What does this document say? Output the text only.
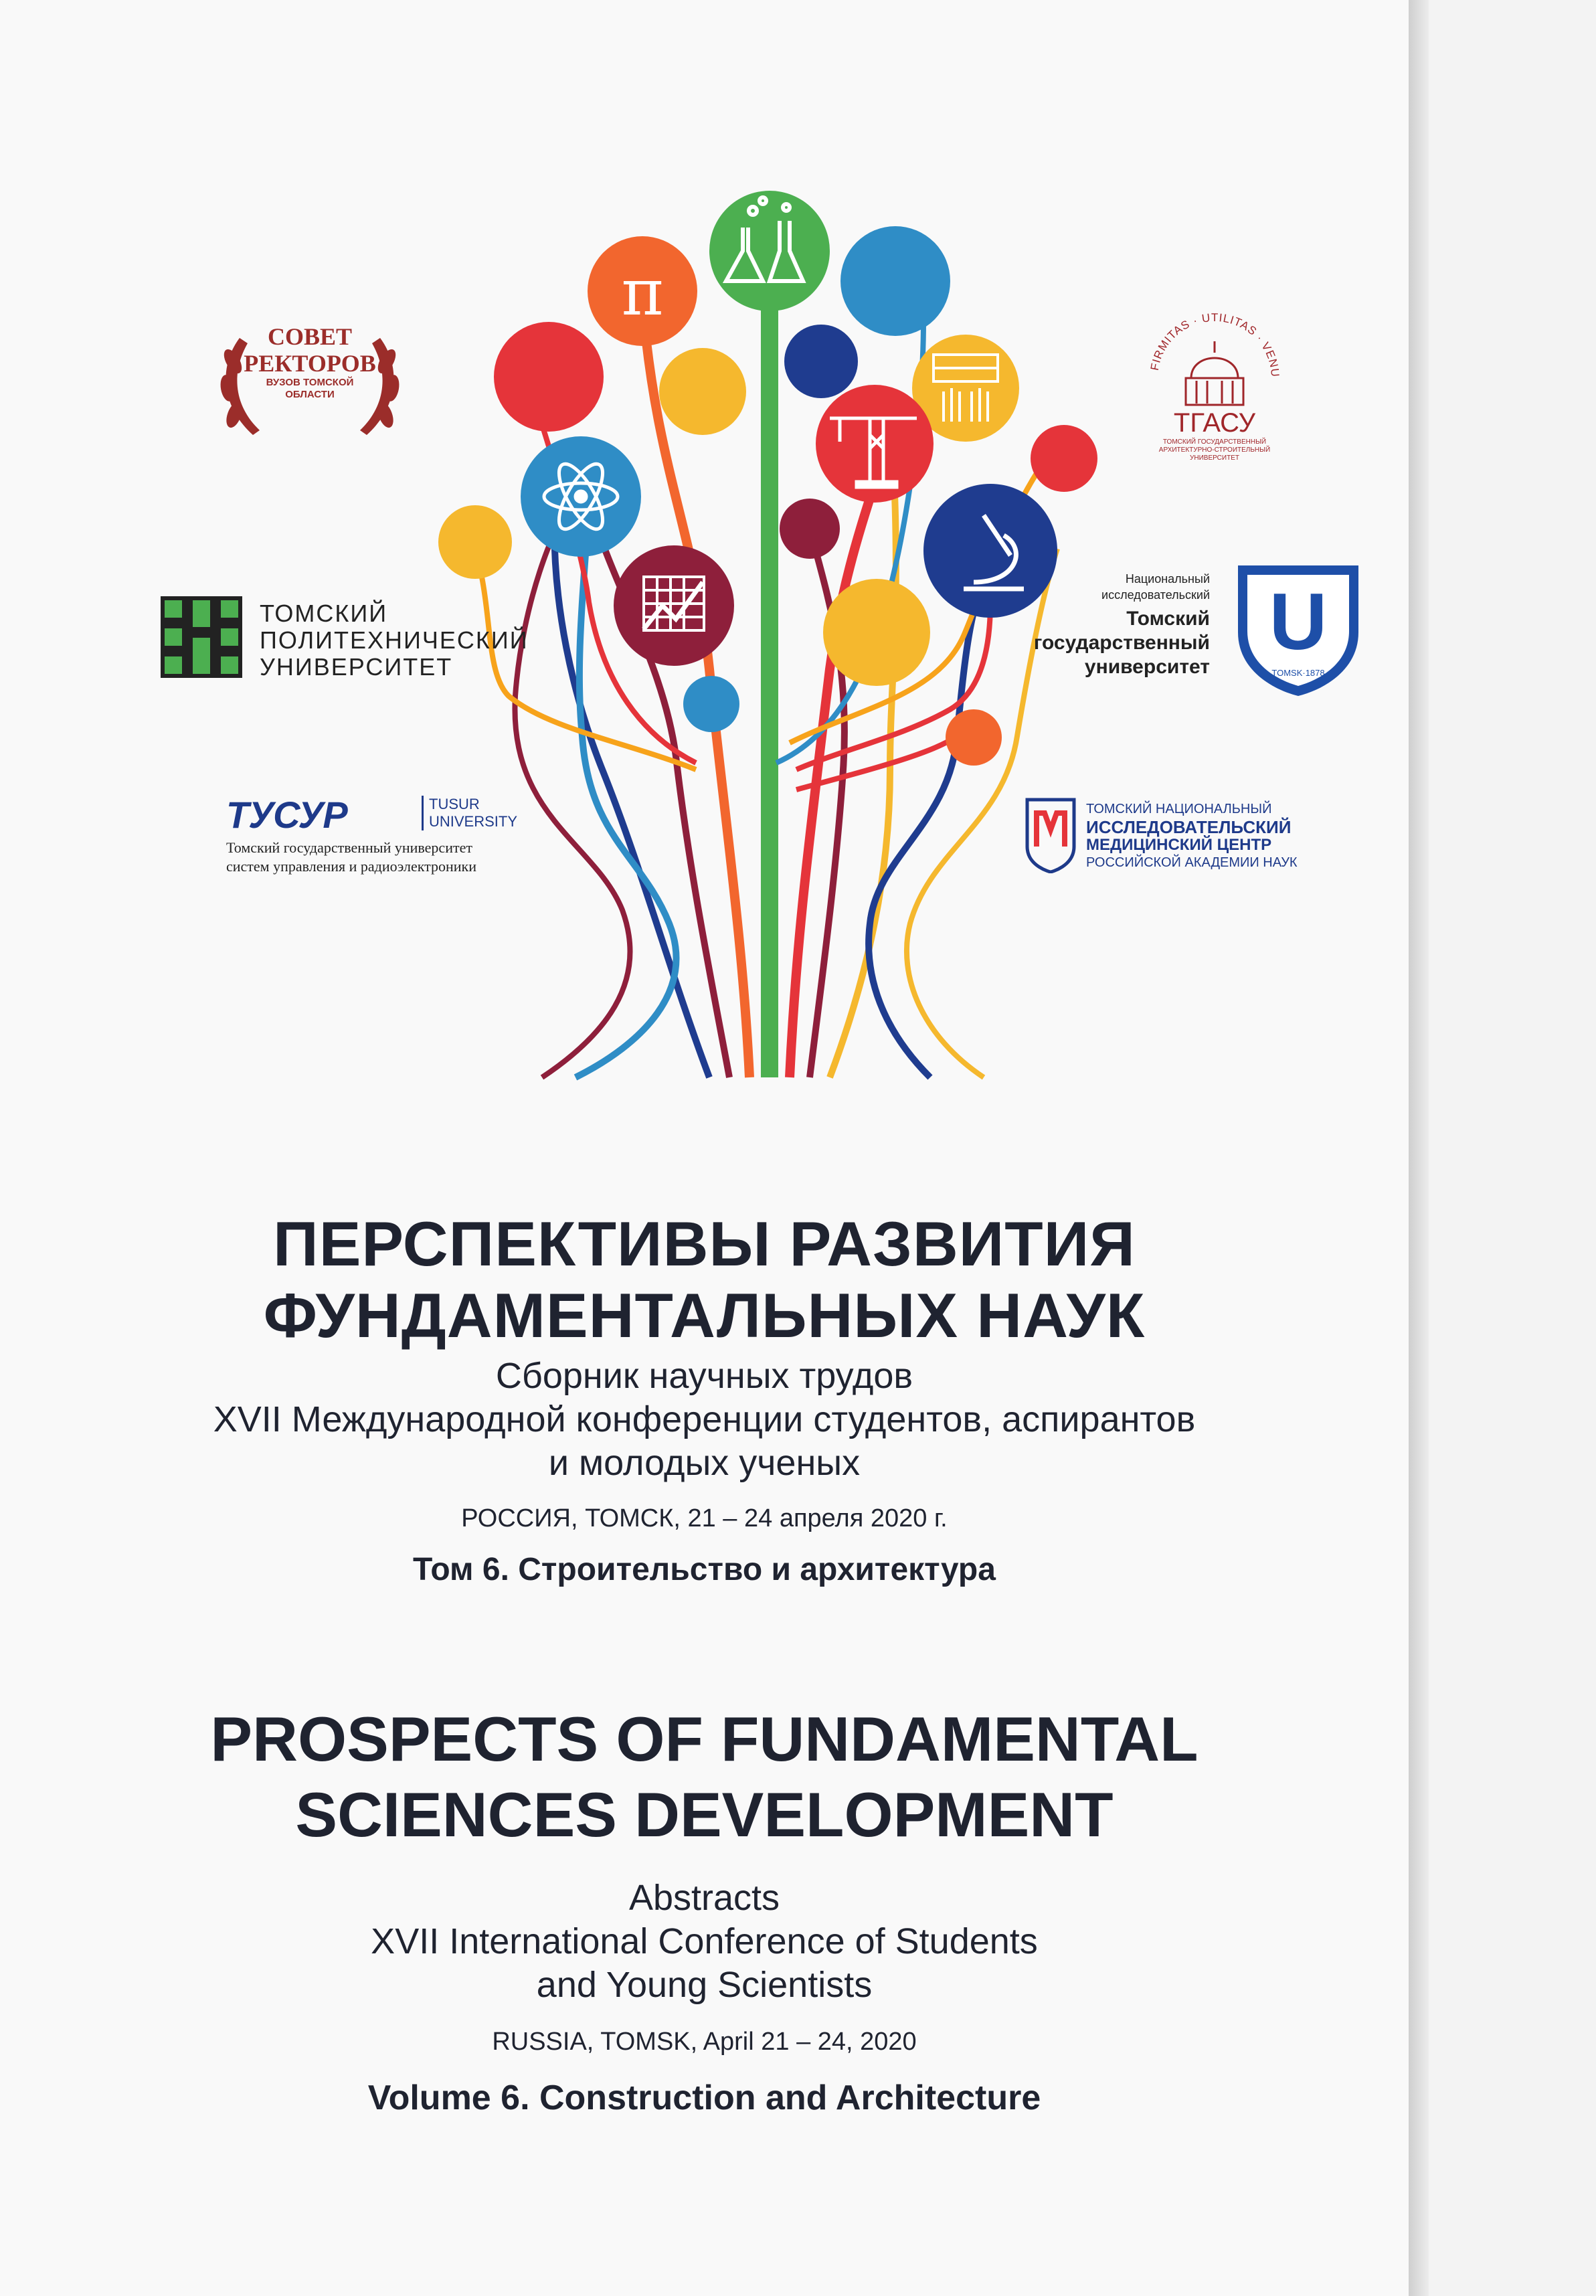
π
СОВЕТ
РЕКТОРОВ
ВУЗОВ ТОМСКОЙ
ОБЛАСТИ
ТОМСКИЙ
ПОЛИТЕХНИЧЕСКИЙ
УНИВЕРСИТЕТ
ТУСУР	TUSUR
UNIVERSITY
Томский государственный университет
систем управления и радиоэлектроники
FIRMITAS · UTILITAS · VENU
ТГАСУ
ТОМСКИЙ ГОСУДАРСТВЕННЫЙ
АРХИТЕКТУРНО-СТРОИТЕЛЬНЫЙ
УНИВЕРСИТЕТ
Национальный
исследовательский
Томский
государственный
университет
U
TOMSK·1878
ТОМСКИЙ НАЦИОНАЛЬНЫЙ
ИССЛЕДОВАТЕЛЬСКИЙ
МЕДИЦИНСКИЙ ЦЕНТР
РОССИЙСКОЙ АКАДЕМИИ НАУК
ПЕРСПЕКТИВЫ РАЗВИТИЯ
ФУНДАМЕНТАЛЬНЫХ НАУК
Сборник научных трудов
XVII Международной конференции студентов, аспирантов
и молодых ученых
РОССИЯ, ТОМСК, 21 – 24 апреля 2020 г.
Том 6. Строительство и архитектура
PROSPECTS OF FUNDAMENTAL
SCIENCES DEVELOPMENT
Abstracts
XVII International Conference of Students
and Young Scientists
RUSSIA, TOMSK, April 21 – 24, 2020
Volume 6. Construction and Architecture
